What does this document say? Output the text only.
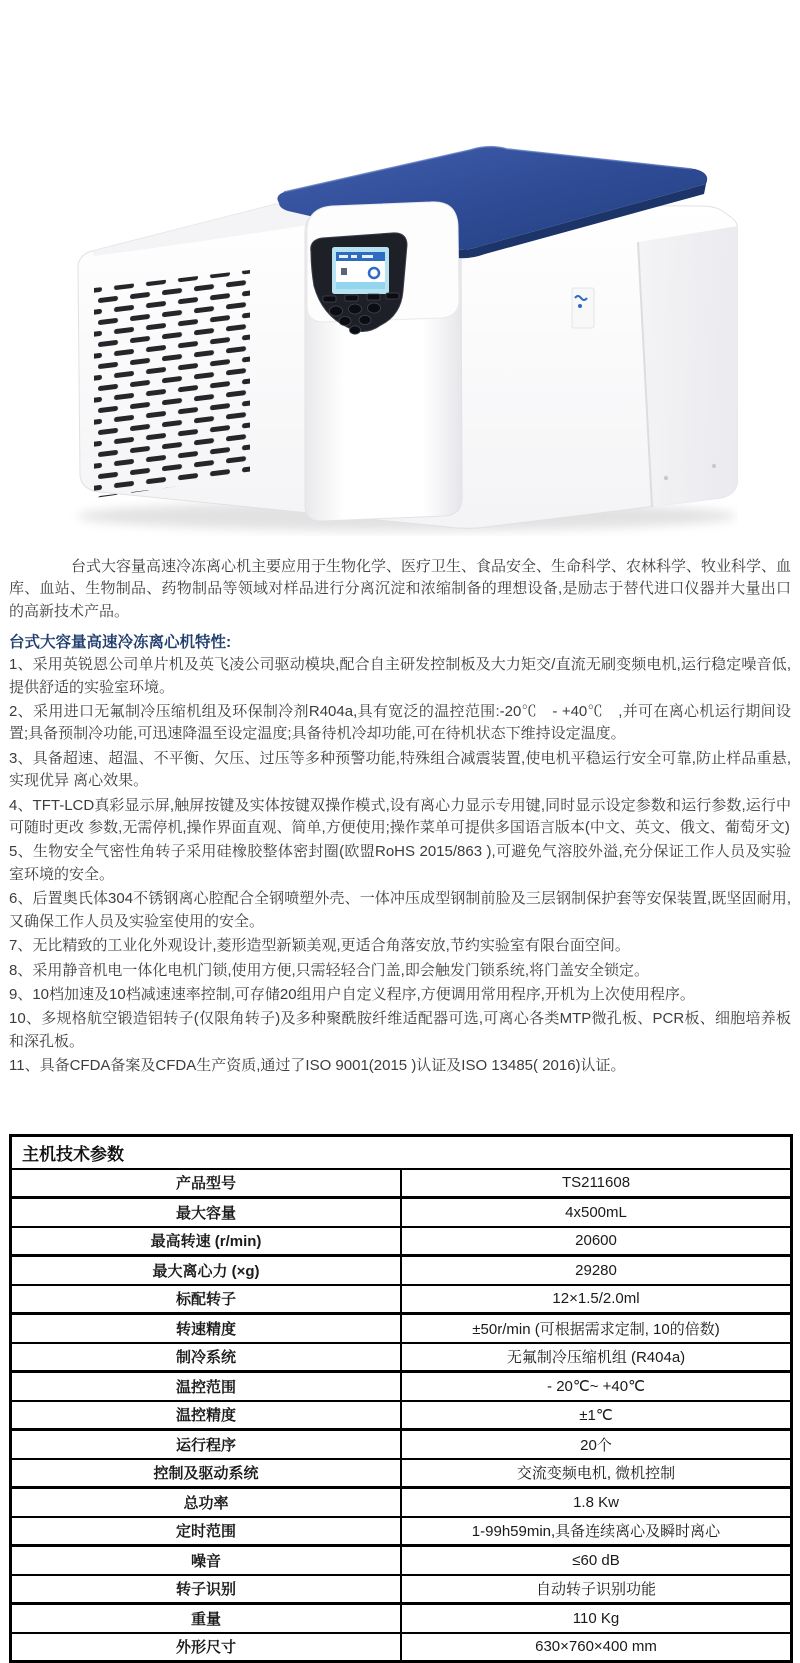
台式大容量高速冷冻离心机主要应用于生物化学、医疗卫生、食品安全、生命科学、农林科学、牧业科学、血库、血站、生物制品、药物制品等领域对样品进行分离沉淀和浓缩制备的理想设备,是励志于替代进口仪器并大量出口的高新技术产品。

台式大容量高速冷冻离心机特性:
1、采用英锐恩公司单片机及英飞凌公司驱动模块,配合自主研发控制板及大力矩交/直流无刷变频电机,运行稳定噪音低,提供舒适的实验室环境。
2、采用进口无氟制冷压缩机组及环保制冷剂R404a,具有宽泛的温控范围:-20℃　- +40℃　,并可在离心机运行期间设置;具备预制冷功能,可迅速降温至设定温度;具备待机冷却功能,可在待机状态下维持设定温度。
3、具备超速、超温、不平衡、欠压、过压等多种预警功能,特殊组合减震装置,使电机平稳运行安全可靠,防止样品重悬,实现优异 离心效果。
4、TFT-LCD真彩显示屏,触屏按键及实体按键双操作模式,设有离心力显示专用键,同时显示设定参数和运行参数,运行中可随时更改 参数,无需停机,操作界面直观、简单,方便使用;操作菜单可提供多国语言版本(中文、英文、俄文、葡萄牙文)
5、生物安全气密性角转子采用硅橡胶整体密封圈(欧盟RoHS 2015/863 ),可避免气溶胶外溢,充分保证工作人员及实验室环境的安全。
6、后置奥氏体304不锈钢离心腔配合全钢喷塑外壳、一体冲压成型钢制前脸及三层钢制保护套等安保装置,既坚固耐用,又确保工作人员及实验室使用的安全。
7、无比精致的工业化外观设计,菱形造型新颖美观,更适合角落安放,节约实验室有限台面空间。
8、采用静音机电一体化电机门锁,使用方便,只需轻轻合门盖,即会触发门锁系统,将门盖安全锁定。
9、10档加速及10档减速速率控制,可存储20组用户自定义程序,方便调用常用程序,开机为上次使用程序。
10、多规格航空锻造铝转子(仅限角转子)及多种聚酰胺纤维适配器可选,可离心各类MTP微孔板、PCR板、细胞培养板和深孔板。
11、具备CFDA备案及CFDA生产资质,通过了ISO 9001(2015 )认证及ISO 13485( 2016)认证。
主机技术参数	
产品型号	TS211608
最大容量	4x500mL
最高转速 (r/min)	20600
最大离心力 (×g)	29280
标配转子	12×1.5/2.0ml
转速精度	±50r/min (可根据需求定制, 10的倍数)
制冷系统	无氟制冷压缩机组 (R404a)
温控范围	- 20℃~ +40℃
温控精度	±1℃
运行程序	20个
控制及驱动系统	交流变频电机, 微机控制
总功率	1.8 Kw
定时范围	1-99h59min,具备连续离心及瞬时离心
噪音	≤60 dB
转子识别	自动转子识别功能
重量	110 Kg
外形尺寸	630×760×400 mm
